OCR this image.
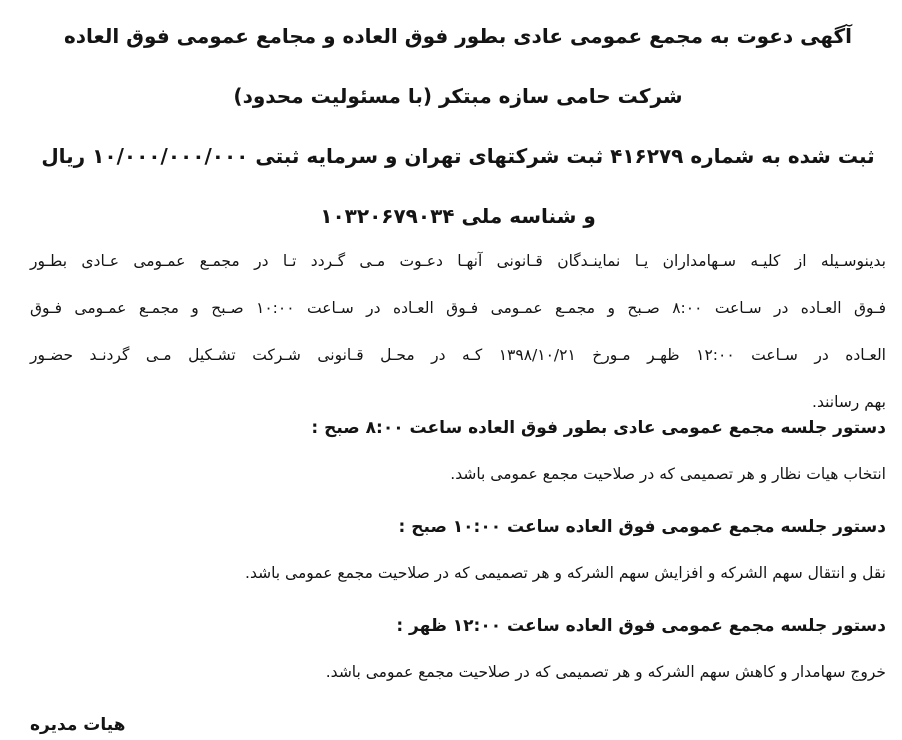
آگهی دعوت به مجمع عمومی عادی بطور فوق العاده و مجامع عمومی فوق العاده
شرکت حامی سازه مبتکر (با مسئولیت محدود)
ثبت شده به شماره ۴۱۶۲۷۹ ثبت شرکتهای تهران و سرمایه ثبتی ۱۰/۰۰۰/۰۰۰/۰۰۰ ریال
و شناسه ملی ۱۰۳۲۰۶۷۹۰۳۴
بدینوسـیله از کلیـه سـهامداران یـا نماینـدگان قـانونی آنهـا دعـوت مـی گـردد تـا در مجمـع عمـومی عـادی بطـور
فـوق العـاده در سـاعت ۸:۰۰ صـبح و مجمـع عمـومی فـوق العـاده در سـاعت ۱۰:۰۰ صـبح و مجمـع عمـومی فـوق
العـاده در سـاعت ۱۲:۰۰ ظهـر مـورخ ۱۳۹۸/۱۰/۲۱ کـه در محـل قـانونی شـرکت تشـکیل مـی گردنـد حضـور
بهم رسانند.
دستور جلسه مجمع عمومی عادی بطور فوق العاده ساعت ۸:۰۰ صبح :
انتخاب هیات نظار و هر تصمیمی که در صلاحیت مجمع عمومی باشد.
دستور جلسه مجمع عمومی فوق العاده ساعت ۱۰:۰۰ صبح :
نقل و انتقال سهم الشرکه و افزایش سهم الشرکه و هر تصمیمی که در صلاحیت مجمع عمومی باشد.
دستور جلسه مجمع عمومی فوق العاده ساعت ۱۲:۰۰ ظهر :
خروج سهامدار و کاهش سهم الشرکه و هر تصمیمی که در صلاحیت مجمع عمومی باشد.
هیات مدیره
